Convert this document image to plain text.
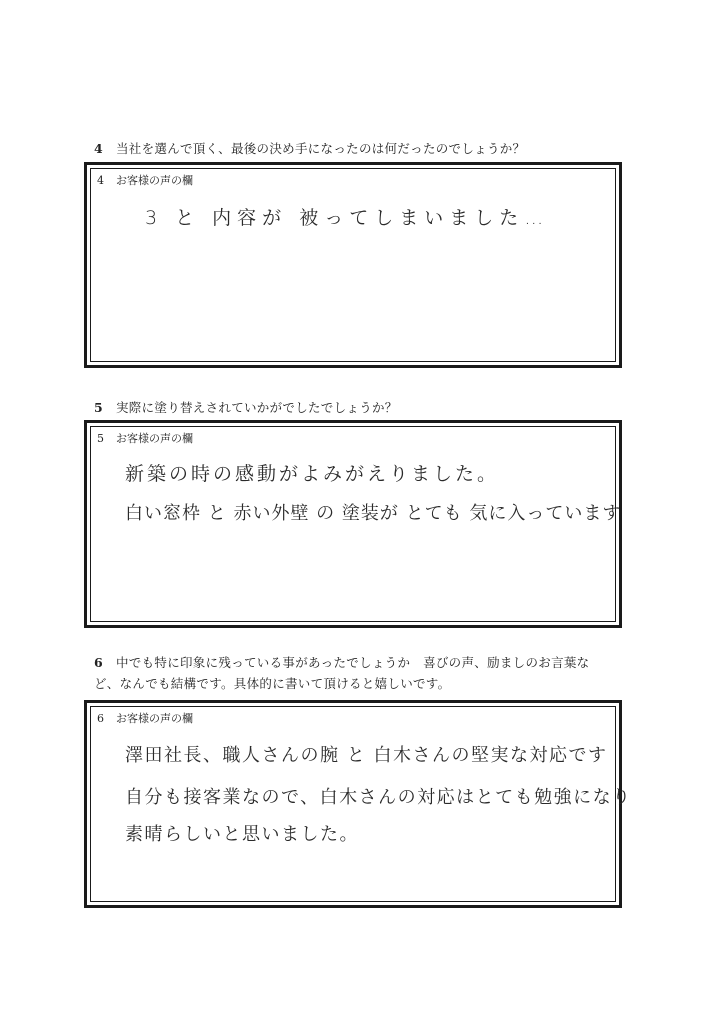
4 当社を選んで頂く、最後の決め手になったのは何だったのでしょうか？
4 お客様の声の欄
3 と 内容が 被ってしまいました…
5 実際に塗り替えされていかがでしたでしょうか？
5 お客様の声の欄
新築の時の感動がよみがえりました。
白い窓枠 と 赤い外壁 の 塗装が とても 気に入っています
6 中でも特に印象に残っている事があったでしょうか　喜びの声、励ましのお言葉な
ど、なんでも結構です。具体的に書いて頂けると嬉しいです。
6 お客様の声の欄
澤田社長、職人さんの腕 と 白木さんの堅実な対応です
自分も接客業なので、白木さんの対応はとても勉強になり
素晴らしいと思いました。
